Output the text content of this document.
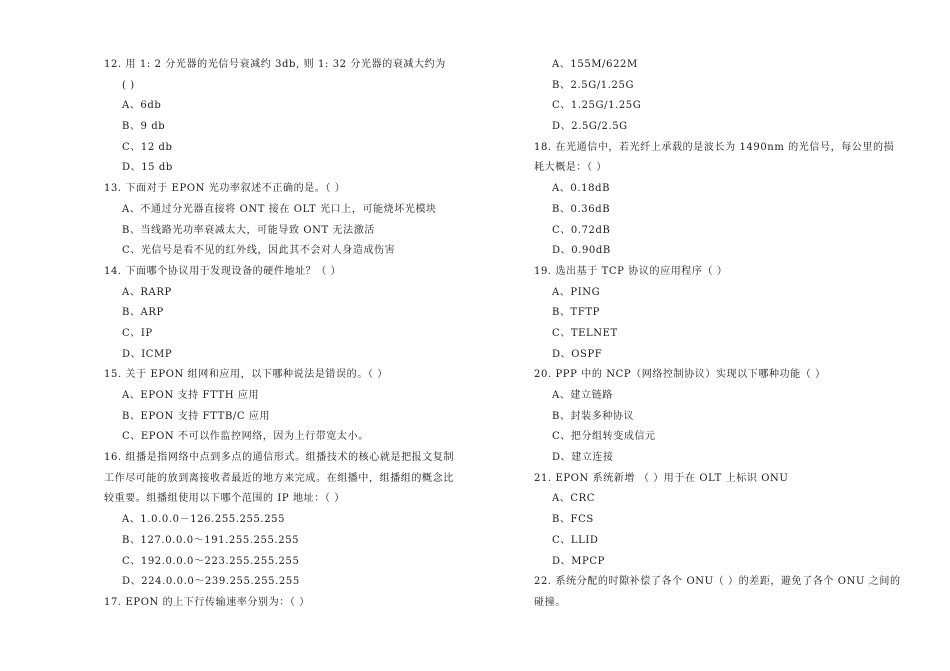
12. 用 1: 2 分光器的光信号衰减约 3db, 则 1: 32 分光器的衰减大约为
( )
A、6db
B、9 db
C、12 db
D、15 db
13. 下面对于 EPON 光功率叙述不正确的是。（ ）
A、不通过分光器直接将 ONT 接在 OLT 光口上，可能烧坏光模块
B、当线路光功率衰减太大，可能导致 ONT 无法激活
C、光信号是看不见的红外线，因此其不会对人身造成伤害
14. 下面哪个协议用于发现设备的硬件地址？（ ）
A、RARP
B、ARP
C、IP
D、ICMP
15. 关于 EPON 组网和应用，以下哪种说法是错误的。（ ）
A、EPON 支持 FTTH 应用
B、EPON 支持 FTTB/C 应用
C、EPON 不可以作监控网络，因为上行带宽太小。
16. 组播是指网络中点到多点的通信形式。组播技术的核心就是把报文复制
工作尽可能的放到离接收者最近的地方来完成。在组播中，组播组的概念比
较重要。组播组使用以下哪个范围的 IP 地址：（ ）
A、1.0.0.0－126.255.255.255
B、127.0.0.0～191.255.255.255
C、192.0.0.0～223.255.255.255
D、224.0.0.0～239.255.255.255
17. EPON 的上下行传输速率分别为：（ ）
A、155M/622M
B、2.5G/1.25G
C、1.25G/1.25G
D、2.5G/2.5G
18. 在光通信中，若光纤上承载的是波长为 1490nm 的光信号，每公里的损
耗大概是：（ ）
A、0.18dB
B、0.36dB
C、0.72dB
D、0.90dB
19. 选出基于 TCP 协议的应用程序（ ）
A、PING
B、TFTP
C、TELNET
D、OSPF
20. PPP 中的 NCP（网络控制协议）实现以下哪种功能（ ）
A、建立链路
B、封装多种协议
C、把分组转变成信元
D、建立连接
21. EPON 系统新增 （ ）用于在 OLT 上标识 ONU
A、CRC
B、FCS
C、LLID
D、MPCP
22. 系统分配的时隙补偿了各个 ONU（ ）的差距，避免了各个 ONU 之间的
碰撞。
